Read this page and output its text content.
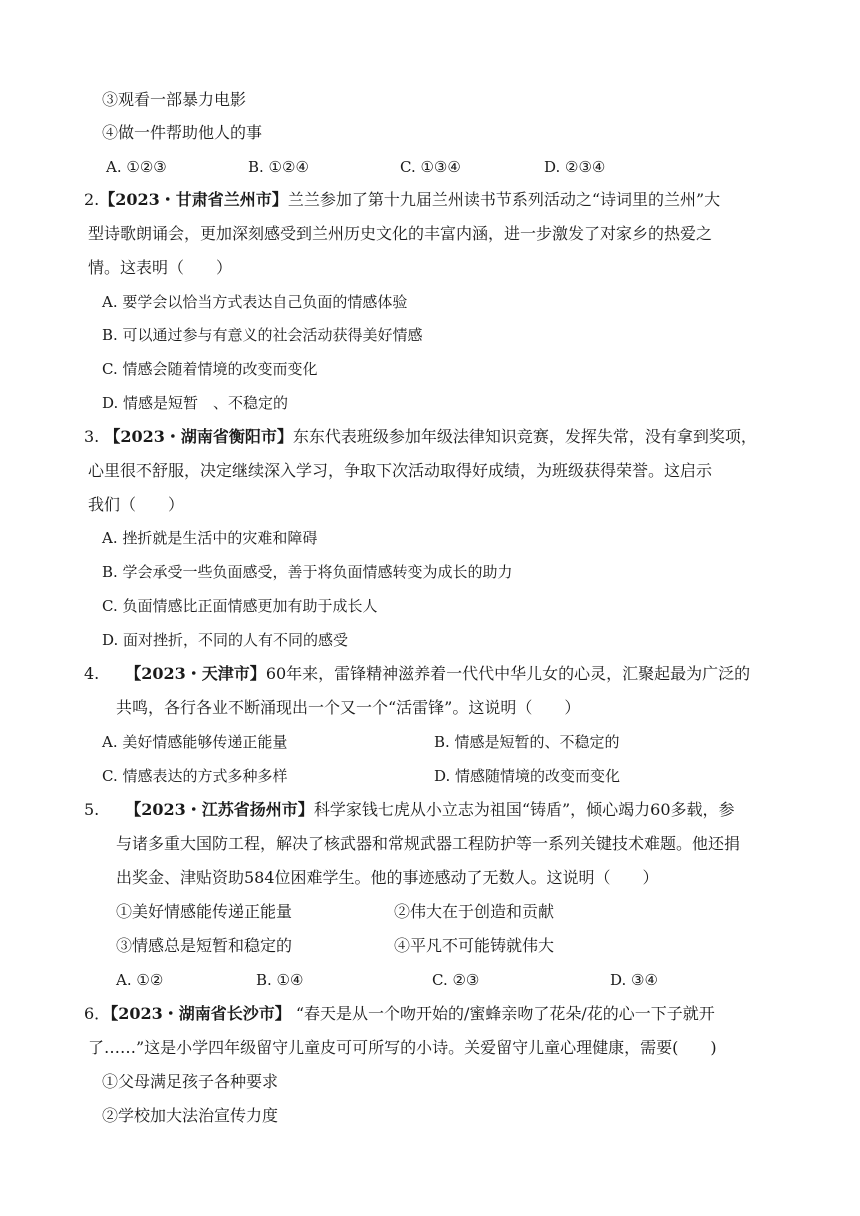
③观看一部暴力电影
④做一件帮助他人的事
A. ①②③	B. ①②④	C. ①③④	D. ②③④
2.【2023・甘肃省兰州市】兰兰参加了第十九届兰州读书节系列活动之“诗词里的兰州”大
型诗歌朗诵会，更加深刻感受到兰州历史文化的丰富内涵，进一步激发了对家乡的热爱之
情。这表明（　　）
A. 要学会以恰当方式表达自己负面的情感体验
B. 可以通过参与有意义的社会活动获得美好情感
C. 情感会随着情境的改变而变化
D. 情感是短暂　、不稳定的
3. 【2023・湖南省衡阳市】东东代表班级参加年级法律知识竞赛，发挥失常，没有拿到奖项，
心里很不舒服，决定继续深入学习，争取下次活动取得好成绩，为班级获得荣誉。这启示
我们（　　）
A. 挫折就是生活中的灾难和障碍
B. 学会承受一些负面感受，善于将负面情感转变为成长的助力
C. 负面情感比正面情感更加有助于成长人
D. 面对挫折，不同的人有不同的感受
4. 【2023・天津市】60年来，雷锋精神滋养着一代代中华儿女的心灵，汇聚起最为广泛的
共鸣，各行各业不断涌现出一个又一个“活雷锋”。这说明（　　）
A. 美好情感能够传递正能量	B. 情感是短暂的、不稳定的
C. 情感表达的方式多种多样	D. 情感随情境的改变而变化
5. 【2023・江苏省扬州市】科学家钱七虎从小立志为祖国“铸盾”，倾心竭力60多载，参
与诸多重大国防工程，解决了核武器和常规武器工程防护等一系列关键技术难题。他还捐
出奖金、津贴资助584位困难学生。他的事迹感动了无数人。这说明（　　）
①美好情感能传递正能量	②伟大在于创造和贡献
③情感总是短暂和稳定的	④平凡不可能铸就伟大
A. ①②	B. ①④	C. ②③	D. ③④
6．【2023・湖南省长沙市】 “春天是从一个吻开始的/蜜蜂亲吻了花朵/花的心一下子就开
了……”这是小学四年级留守儿童皮可可所写的小诗。关爱留守儿童心理健康，需要(　　)
①父母满足孩子各种要求
②学校加大法治宣传力度
